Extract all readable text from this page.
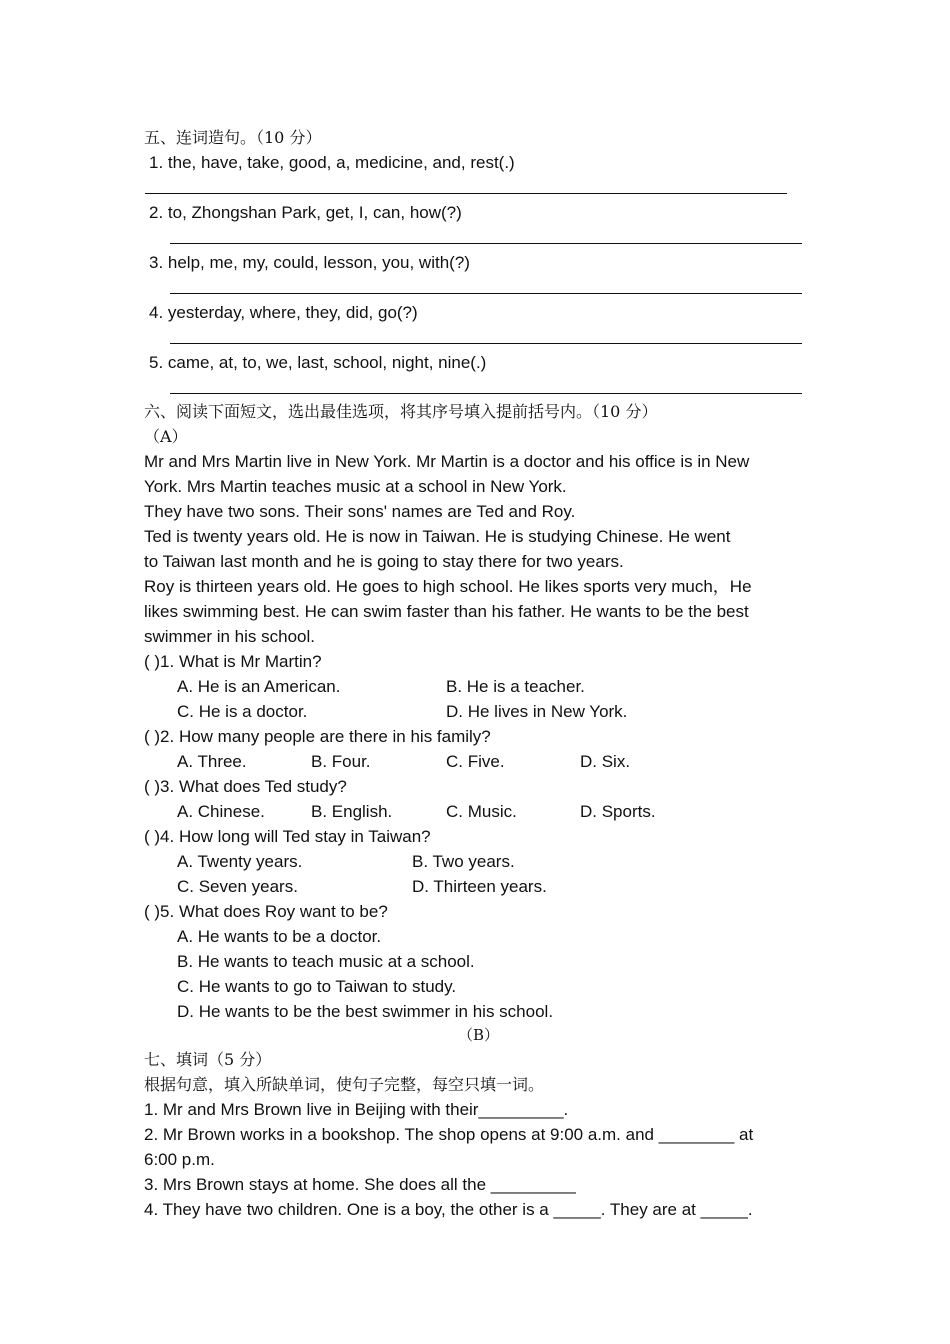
五、连词造句。（10 分）
1. the, have, take, good, a, medicine, and, rest(.)
2. to, Zhongshan Park, get, I, can, how(?)
3. help, me, my, could, lesson, you, with(?)
4. yesterday, where, they, did, go(?)
5. came, at, to, we, last, school, night, nine(.)
六、阅读下面短文，选出最佳选项，将其序号填入提前括号内。（10 分）
（A）
Mr and Mrs Martin live in New York. Mr Martin is a doctor and his office is in New
York. Mrs Martin teaches music at a school in New York.
They have two sons. Their sons' names are Ted and Roy.
Ted is twenty years old. He is now in Taiwan. He is studying Chinese. He went
to Taiwan last month and he is going to stay there for two years.
Roy is thirteen years old. He goes to high school. He likes sports very much，He
likes swimming best. He can swim faster than his father. He wants to be the best
swimmer in his school.
( )1. What is Mr Martin?
A. He is an American.	B. He is a teacher.
C. He is a doctor.	D. He lives in New York.
( )2. How many people are there in his family?
A. Three.	B. Four.	C. Five.	D. Six.
( )3. What does Ted study?
A. Chinese.	B. English.	C. Music.	D. Sports.
( )4. How long will Ted stay in Taiwan?
A. Twenty years.	B. Two years.
C. Seven years.	D. Thirteen years.
( )5. What does Roy want to be?
A. He wants to be a doctor.
B. He wants to teach music at a school.
C. He wants to go to Taiwan to study.
D. He wants to be the best swimmer in his school.
（B）
七、填词（5 分）
根据句意，填入所缺单词，使句子完整，每空只填一词。
1. Mr and Mrs Brown live in Beijing with their_________.
2. Mr Brown works in a bookshop. The shop opens at 9:00 a.m. and ________ at
6:00 p.m.
3. Mrs Brown stays at home. She does all the _________
4. They have two children. One is a boy, the other is a _____. They are at _____.
